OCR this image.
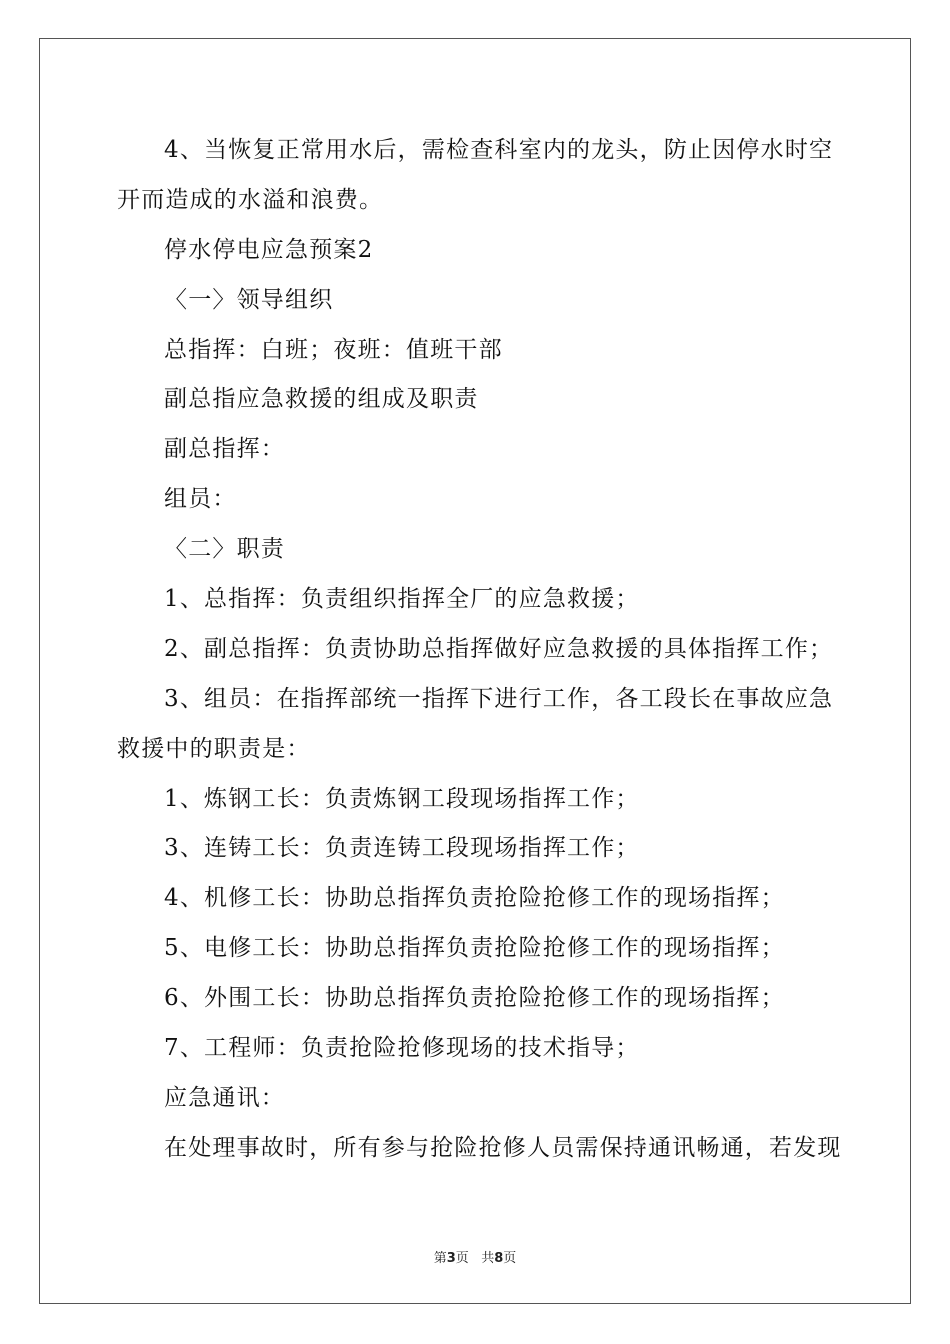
4、当恢复正常用水后，需检查科室内的龙头，防止因停水时空
开而造成的水溢和浪费。
停水停电应急预案2
〈一〉领导组织
总指挥：白班；夜班：值班干部
副总指应急救援的组成及职责
副总指挥：
组员：
〈二〉职责
1、总指挥：负责组织指挥全厂的应急救援；
2、副总指挥：负责协助总指挥做好应急救援的具体指挥工作；
3、组员：在指挥部统一指挥下进行工作，各工段长在事故应急
救援中的职责是：
1、炼钢工长：负责炼钢工段现场指挥工作；
3、连铸工长：负责连铸工段现场指挥工作；
4、机修工长：协助总指挥负责抢险抢修工作的现场指挥；
5、电修工长：协助总指挥负责抢险抢修工作的现场指挥；
6、外围工长：协助总指挥负责抢险抢修工作的现场指挥；
7、工程师：负责抢险抢修现场的技术指导；
应急通讯：
在处理事故时，所有参与抢险抢修人员需保持通讯畅通，若发现
第3页 共8页
